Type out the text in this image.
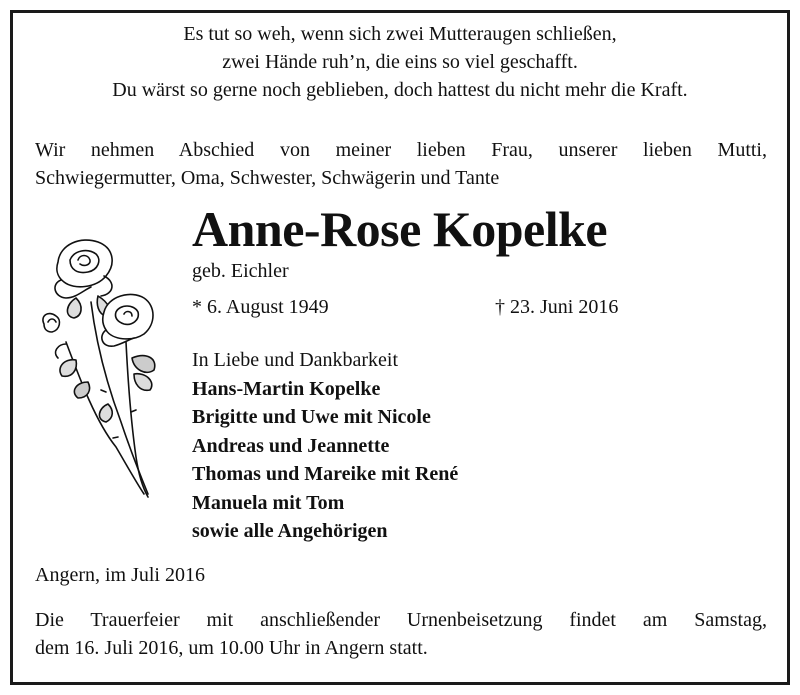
Es tut so weh, wenn sich zwei Mutteraugen schließen,
zwei Hände ruh’n, die eins so viel geschafft.
Du wärst so gerne noch geblieben, doch hattest du nicht mehr die Kraft.
Wir nehmen Abschied von meiner lieben Frau, unserer lieben Mutti,
Schwiegermutter, Oma, Schwester, Schwägerin und Tante
Anne-Rose Kopelke
geb. Eichler
* 6. August 1949	† 23. Juni 2016
In Liebe und Dankbarkeit
Hans-Martin Kopelke
Brigitte und Uwe mit Nicole
Andreas und Jeannette
Thomas und Mareike mit René
Manuela mit Tom
sowie alle Angehörigen
Angern, im Juli 2016
Die Trauerfeier mit anschließender Urnenbeisetzung findet am Samstag,
dem 16. Juli 2016, um 10.00 Uhr in Angern statt.
